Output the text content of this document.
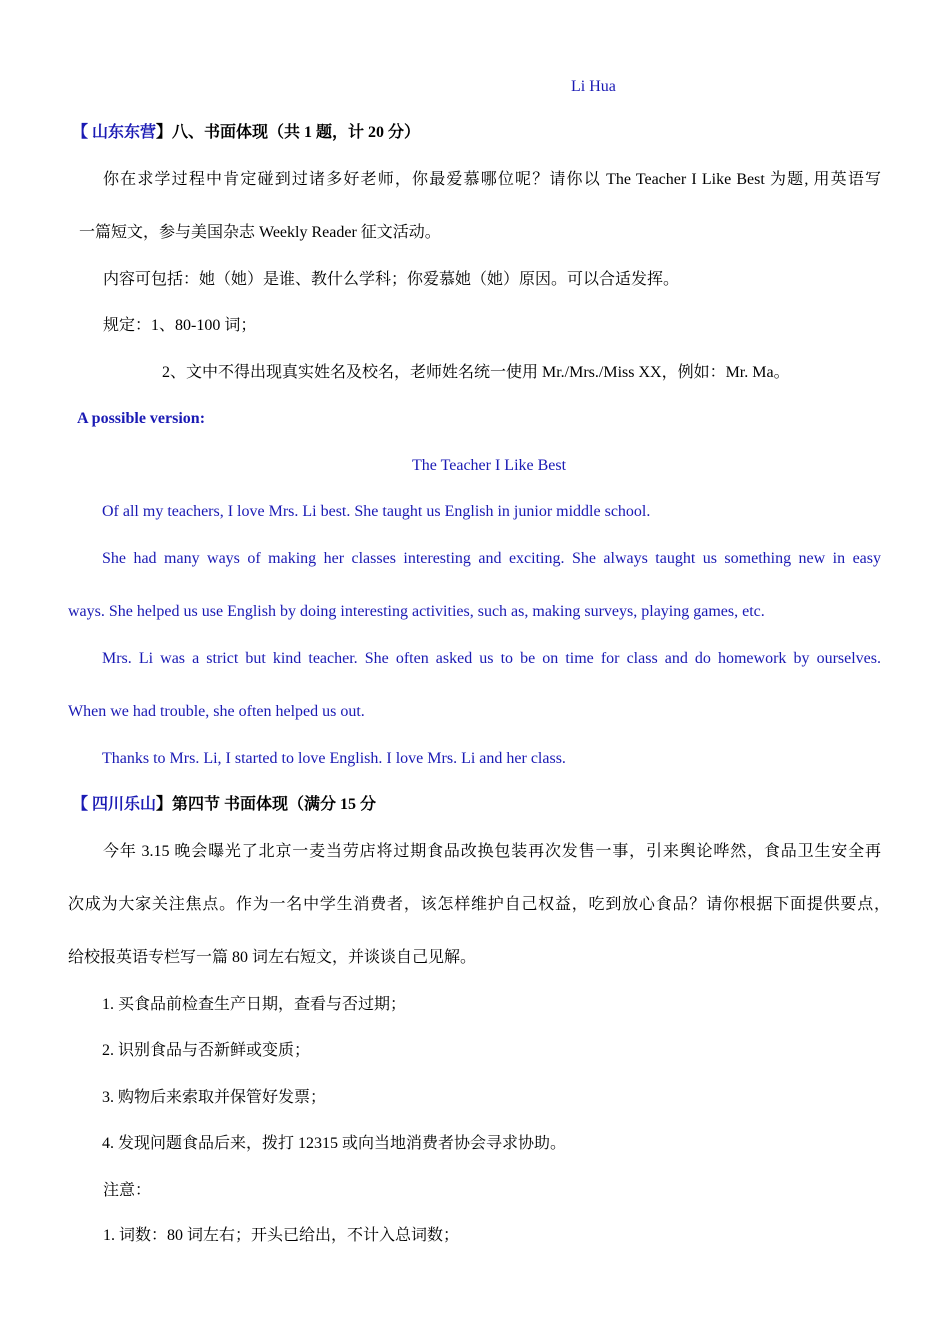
Li Hua
【 山东东营】八、书面体现（共 1 题，计 20 分）
你在求学过程中肯定碰到过诸多好老师，你最爱慕哪位呢？请你以 The Teacher I Like Best 为题, 用英语写
一篇短文，参与美国杂志 Weekly Reader 征文活动。
内容可包括：她（她）是谁、教什么学科；你爱慕她（她）原因。可以合适发挥。
规定：1、80-100 词；
2、文中不得出现真实姓名及校名，老师姓名统一使用 Mr./Mrs./Miss XX，例如：Mr. Ma。
A possible version:
The Teacher I Like Best
Of all my teachers, I love Mrs. Li best. She taught us English in junior middle school.
She had many ways of making her classes interesting and exciting. She always taught us something new in easy
ways. She helped us use English by doing interesting activities, such as, making surveys, playing games, etc.
Mrs. Li was a strict but kind teacher. She often asked us to be on time for class and do homework by ourselves.
When we had trouble, she often helped us out.
Thanks to Mrs. Li, I started to love English. I love Mrs. Li and her class.
【 四川乐山】第四节 书面体现（满分 15 分
今年 3.15 晚会曝光了北京一麦当劳店将过期食品改换包装再次发售一事，引来舆论哗然，食品卫生安全再
次成为大家关注焦点。作为一名中学生消费者，该怎样维护自己权益，吃到放心食品？请你根据下面提供要点，
给校报英语专栏写一篇 80 词左右短文，并谈谈自己见解。
1. 买食品前检查生产日期，查看与否过期；
2. 识别食品与否新鲜或变质；
3. 购物后来索取并保管好发票；
4. 发现问题食品后来，拨打 12315 或向当地消费者协会寻求协助。
注意：
1. 词数：80 词左右；开头已给出，不计入总词数；
